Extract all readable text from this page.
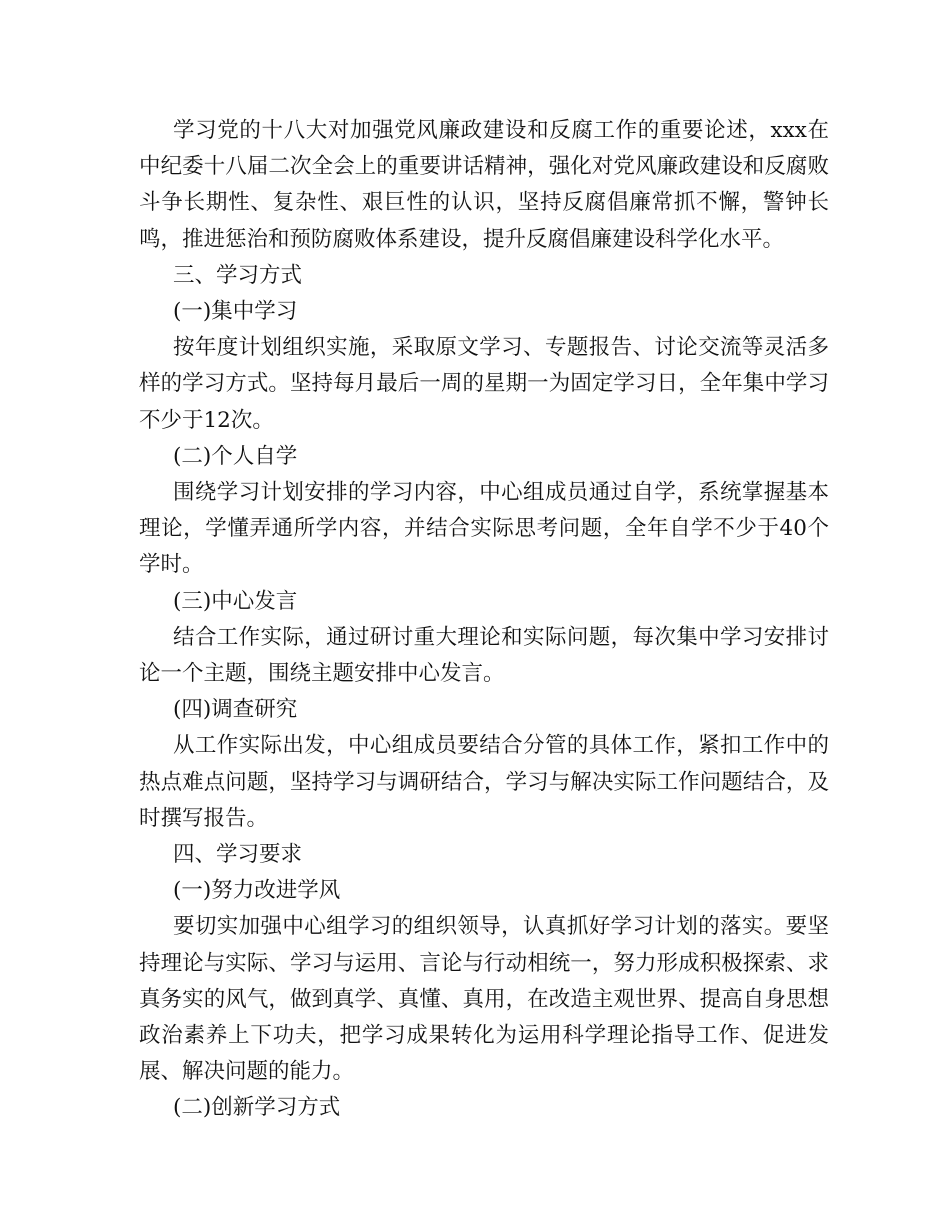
学习党的十八大对加强党风廉政建设和反腐工作的重要论述，xxx在中纪委十八届二次全会上的重要讲话精神，强化对党风廉政建设和反腐败斗争长期性、复杂性、艰巨性的认识，坚持反腐倡廉常抓不懈，警钟长鸣，推进惩治和预防腐败体系建设，提升反腐倡廉建设科学化水平。

三、学习方式

(一)集中学习

按年度计划组织实施，采取原文学习、专题报告、讨论交流等灵活多样的学习方式。坚持每月最后一周的星期一为固定学习日，全年集中学习不少于12次。

(二)个人自学

围绕学习计划安排的学习内容，中心组成员通过自学，系统掌握基本理论，学懂弄通所学内容，并结合实际思考问题，全年自学不少于40个学时。

(三)中心发言

结合工作实际，通过研讨重大理论和实际问题，每次集中学习安排讨论一个主题，围绕主题安排中心发言。

(四)调查研究

从工作实际出发，中心组成员要结合分管的具体工作，紧扣工作中的热点难点问题，坚持学习与调研结合，学习与解决实际工作问题结合，及时撰写报告。

四、学习要求

(一)努力改进学风

要切实加强中心组学习的组织领导，认真抓好学习计划的落实。要坚持理论与实际、学习与运用、言论与行动相统一，努力形成积极探索、求真务实的风气，做到真学、真懂、真用，在改造主观世界、提高自身思想政治素养上下功夫，把学习成果转化为运用科学理论指导工作、促进发展、解决问题的能力。

(二)创新学习方式
